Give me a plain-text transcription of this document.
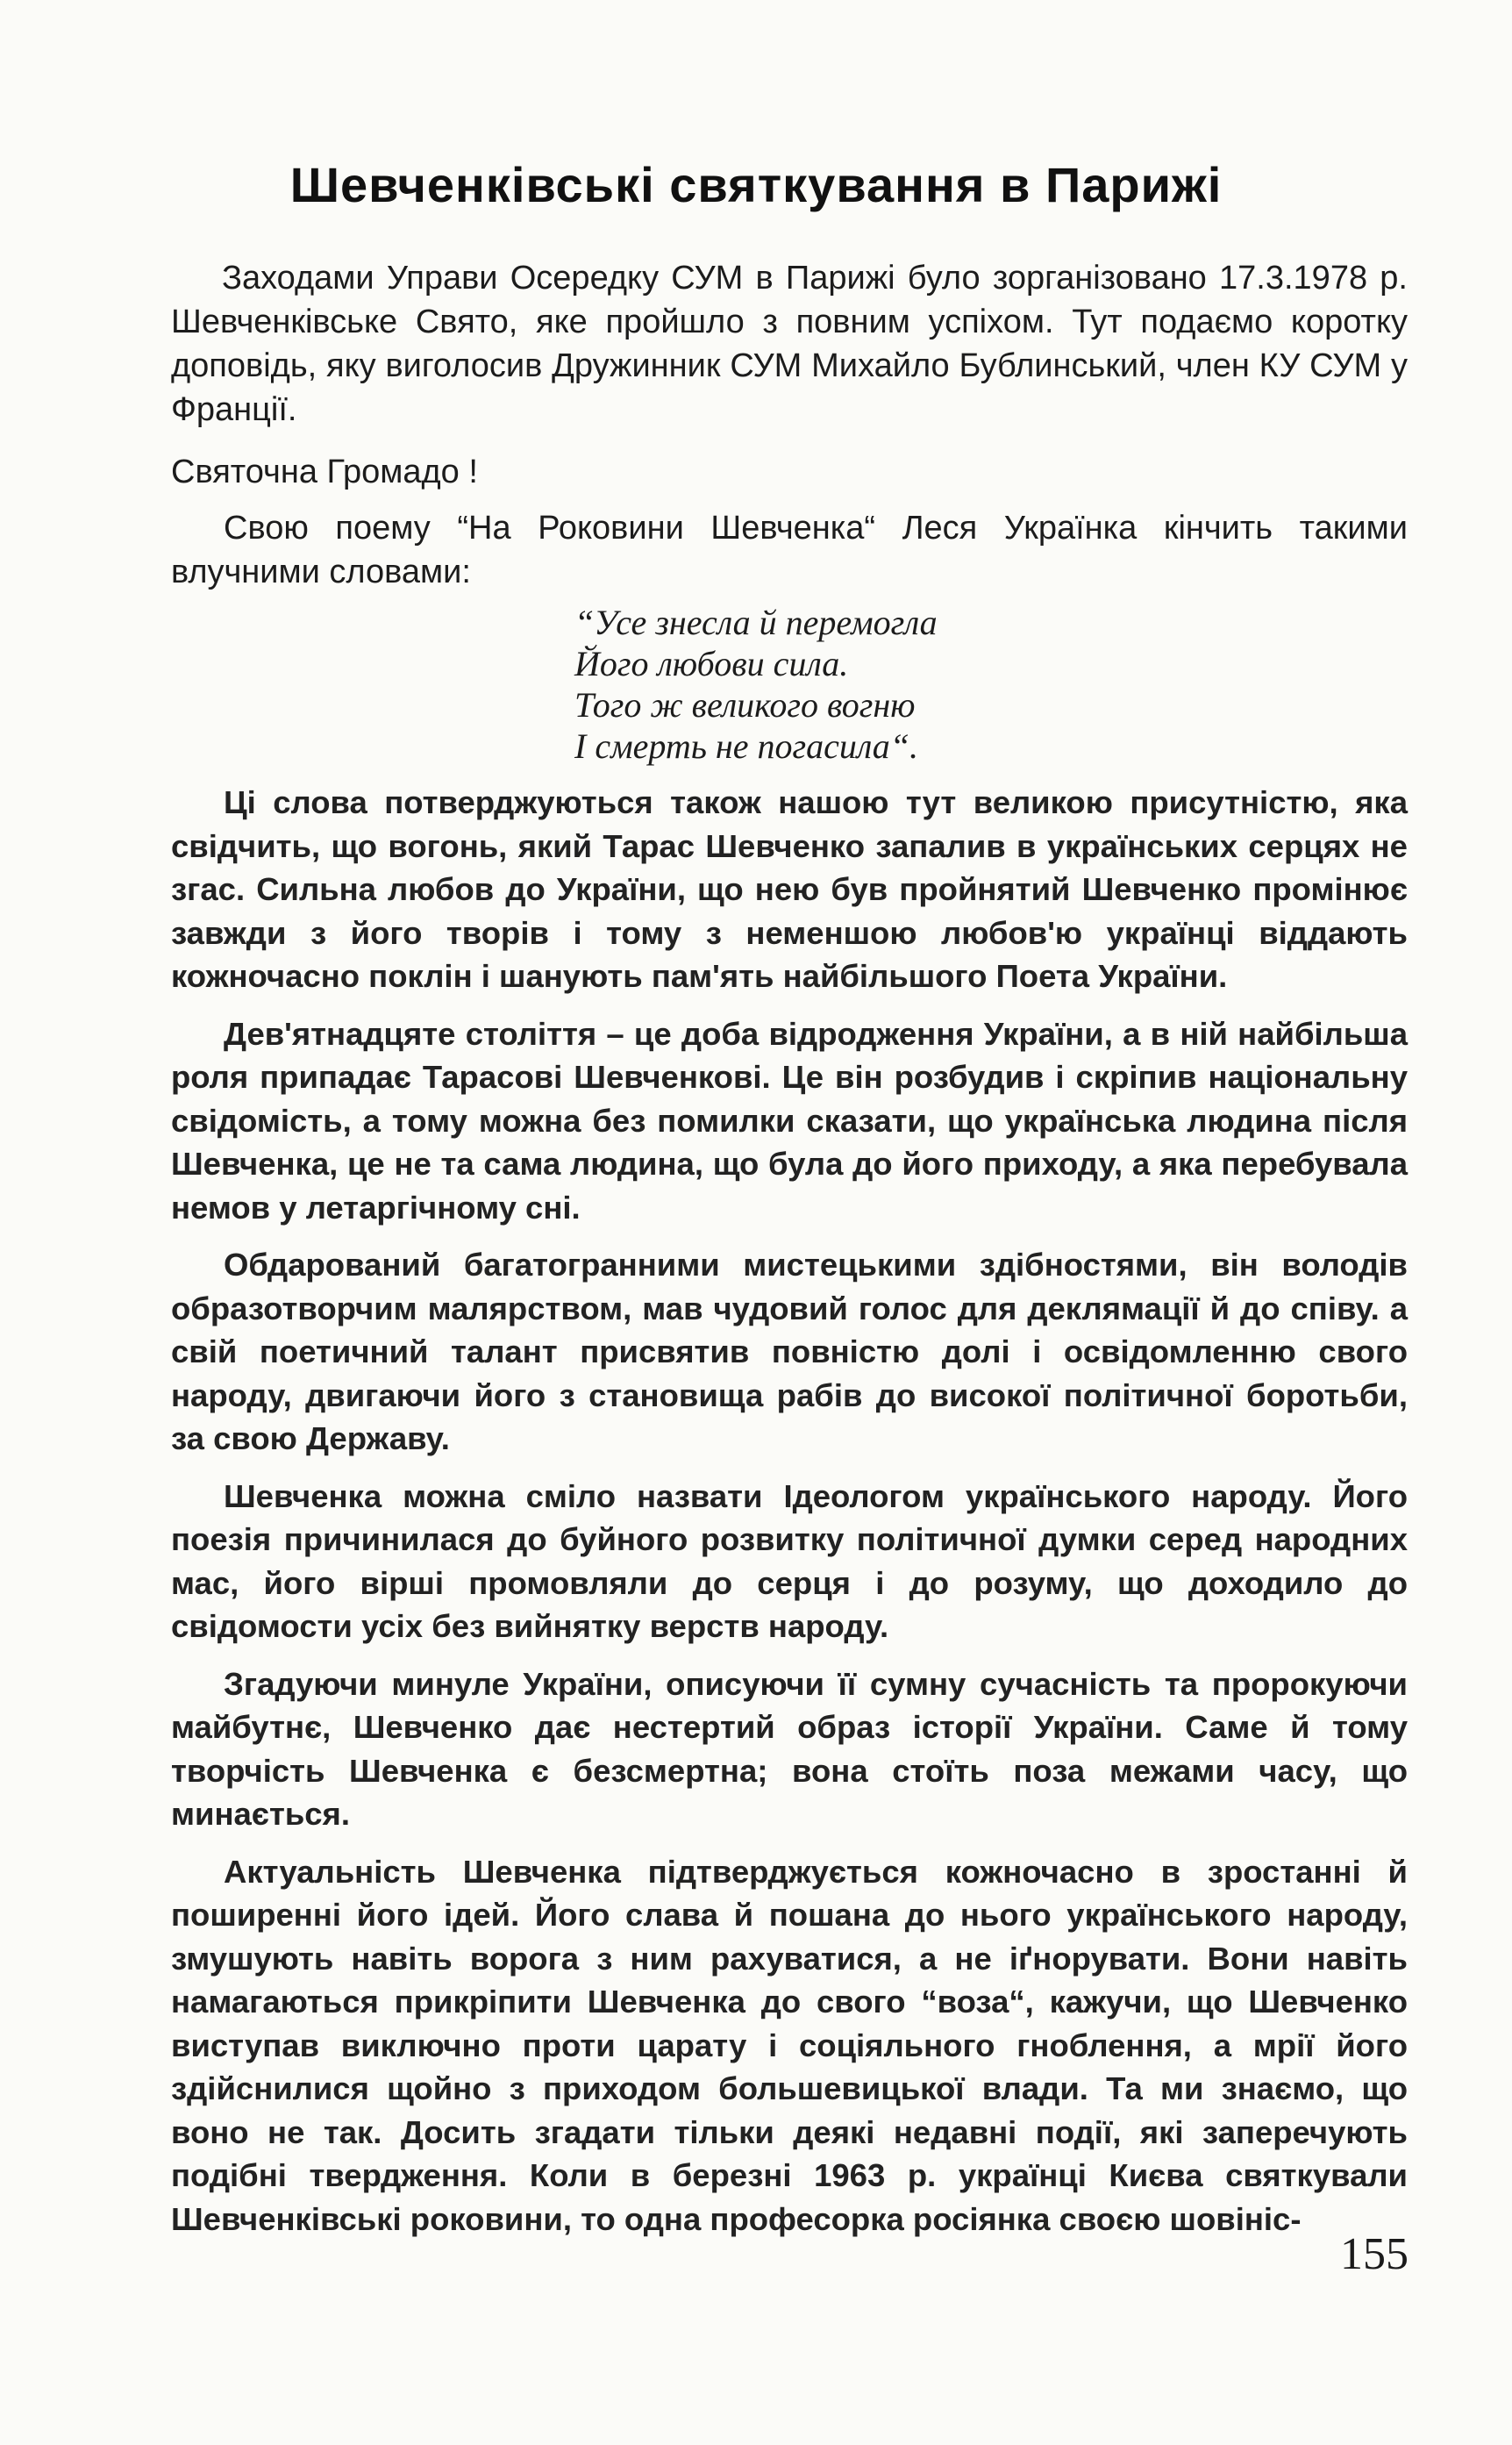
Шевченківські святкування в Парижі

Заходами Управи Осередку СУМ в Парижі було зорганізовано 17.3.1978 р. Шевченківське Свято, яке пройшло з повним успіхом. Тут подаємо коротку доповідь, яку виголосив Дружинник СУМ Михайло Бублинський, член КУ СУМ у Франції.

Святочна Громадо !

Свою поему “На Роковини Шевченка“ Леся Українка кінчить такими влучними словами:

“Усе знесла й перемогла
Його любови сила.
Того ж великого вогню
І смерть не погасила“.

Ці слова потверджуються також нашою тут великою присутністю, яка свідчить, що вогонь, який Тарас Шевченко запалив в українських серцях не згас. Сильна любов до України, що нею був пройнятий Шевченко промінює завжди з його творів і тому з неменшою любов'ю українці віддають кожночасно поклін і шанують пам'ять найбільшого Поета України.

Дев'ятнадцяте століття – це доба відродження України, а в ній найбільша роля припадає Тарасові Шевченкові. Це він розбудив і скріпив національну свідомість, а тому можна без помилки сказати, що українська людина після Шевченка, це не та сама людина, що була до його приходу, а яка перебувала немов у летаргічному сні.

Обдарований багатогранними мистецькими здібностями, він володів образотворчим малярством, мав чудовий голос для деклямації й до співу. а свій поетичний талант присвятив повністю долі і освідомленню свого народу, двигаючи його з становища рабів до високої політичної боротьби, за свою Державу.

Шевченка можна сміло назвати Ідеологом українського народу. Його поезія причинилася до буйного розвитку політичної думки серед народних мас, його вірші промовляли до серця і до розуму, що доходило до свідомости усіх без вийнятку верств народу.

Згадуючи минуле України, описуючи її сумну сучасність та пророкуючи майбутнє, Шевченко дає нестертий образ історії України. Саме й тому творчість Шевченка є безсмертна; вона стоїть поза межами часу, що минається.

Актуальність Шевченка підтверджується кожночасно в зростанні й поширенні його ідей. Його слава й пошана до нього українського народу, змушують навіть ворога з ним рахуватися, а не іґнорувати. Вони навіть намагаються прикріпити Шевченка до свого “воза“, кажучи, що Шевченко виступав виключно проти царату і соціяльного гноблення, а мрії його здійснилися щойно з приходом большевицької влади. Та ми знаємо, що воно не так. Досить згадати тільки деякі недавні події, які заперечують подібні твердження. Коли в березні 1963 р. українці Києва святкували Шевченківські роковини, то одна професорка росіянка своєю шовініс-

155
